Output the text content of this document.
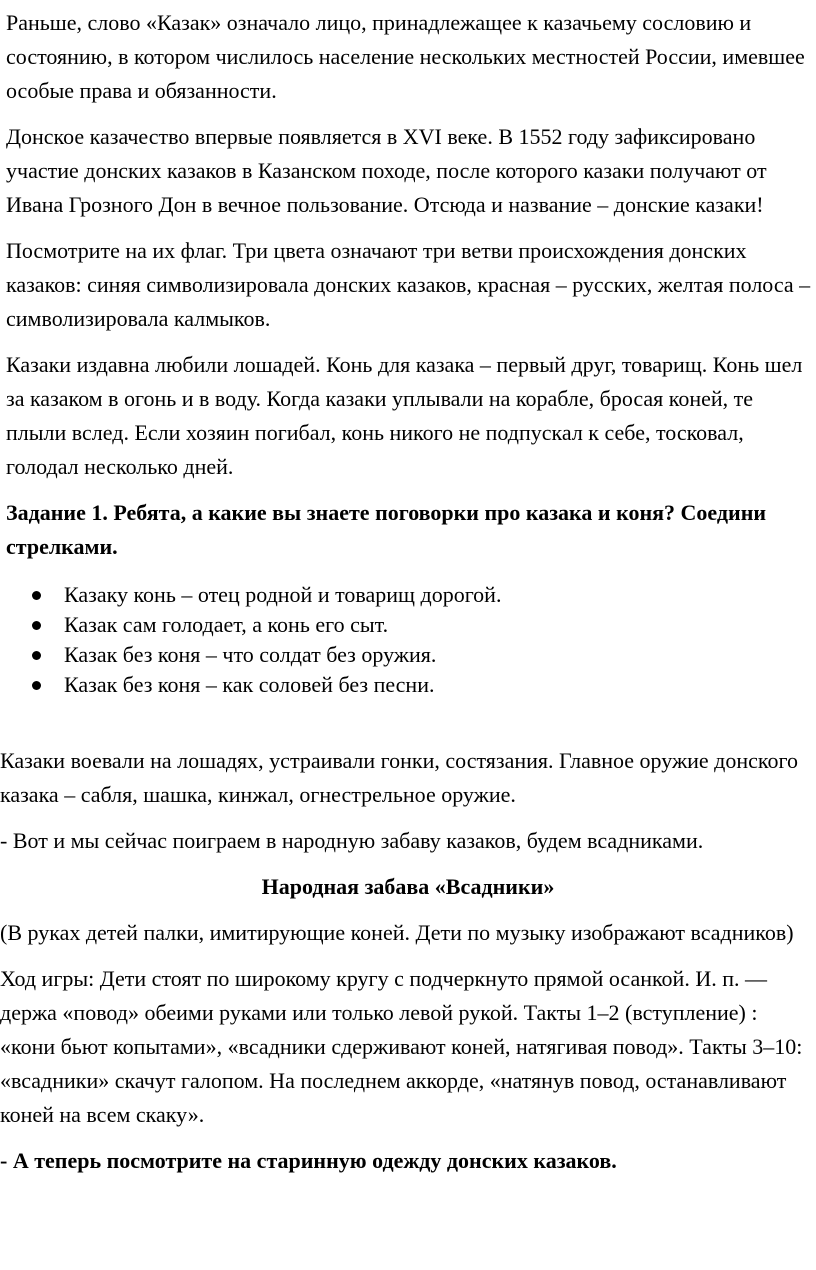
Раньше, слово «Казак» означало лицо, принадлежащее к казачьему сословию и состоянию, в котором числилось население нескольких местностей России, имевшее особые права и обязанности.

Донское казачество впервые появляется в XVI веке. В 1552 году зафиксировано участие донских казаков в Казанском походе, после которого казаки получают от Ивана Грозного Дон в вечное пользование. Отсюда и название – донские казаки!

Посмотрите на их флаг. Три цвета означают три ветви происхождения донских казаков: синяя символизировала донских казаков, красная – русских, желтая полоса – символизировала калмыков.

Казаки издавна любили лошадей. Конь для казака – первый друг, товарищ. Конь шел за казаком в огонь и в воду. Когда казаки уплывали на корабле, бросая коней, те плыли вслед. Если хозяин погибал, конь никого не подпускал к себе, тосковал, голодал несколько дней.

Задание 1. Ребята, а какие вы знаете поговорки про казака и коня? Соедини стрелками.

Казаку конь – отец родной и товарищ дорогой.
Казак сам голодает, а конь его сыт.
Казак без коня – что солдат без оружия.
Казак без коня – как соловей без песни.

Казаки воевали на лошадях, устраивали гонки, состязания. Главное оружие донского казака – сабля, шашка, кинжал, огнестрельное оружие.

- Вот и мы сейчас поиграем в народную забаву казаков, будем всадниками.

Народная забава «Всадники»

(В руках детей палки, имитирующие коней. Дети по музыку изображают всадников)

Ход игры: Дети стоят по широкому кругу с подчеркнуто прямой осанкой. И. п. — держа «повод» обеими руками или только левой рукой. Такты 1–2 (вступление) : «кони бьют копытами», «всадники сдерживают коней, натягивая повод». Такты 3–10: «всадники» скачут галопом. На последнем аккорде, «натянув повод, останавливают коней на всем скаку».

- А теперь посмотрите на старинную одежду донских казаков.
